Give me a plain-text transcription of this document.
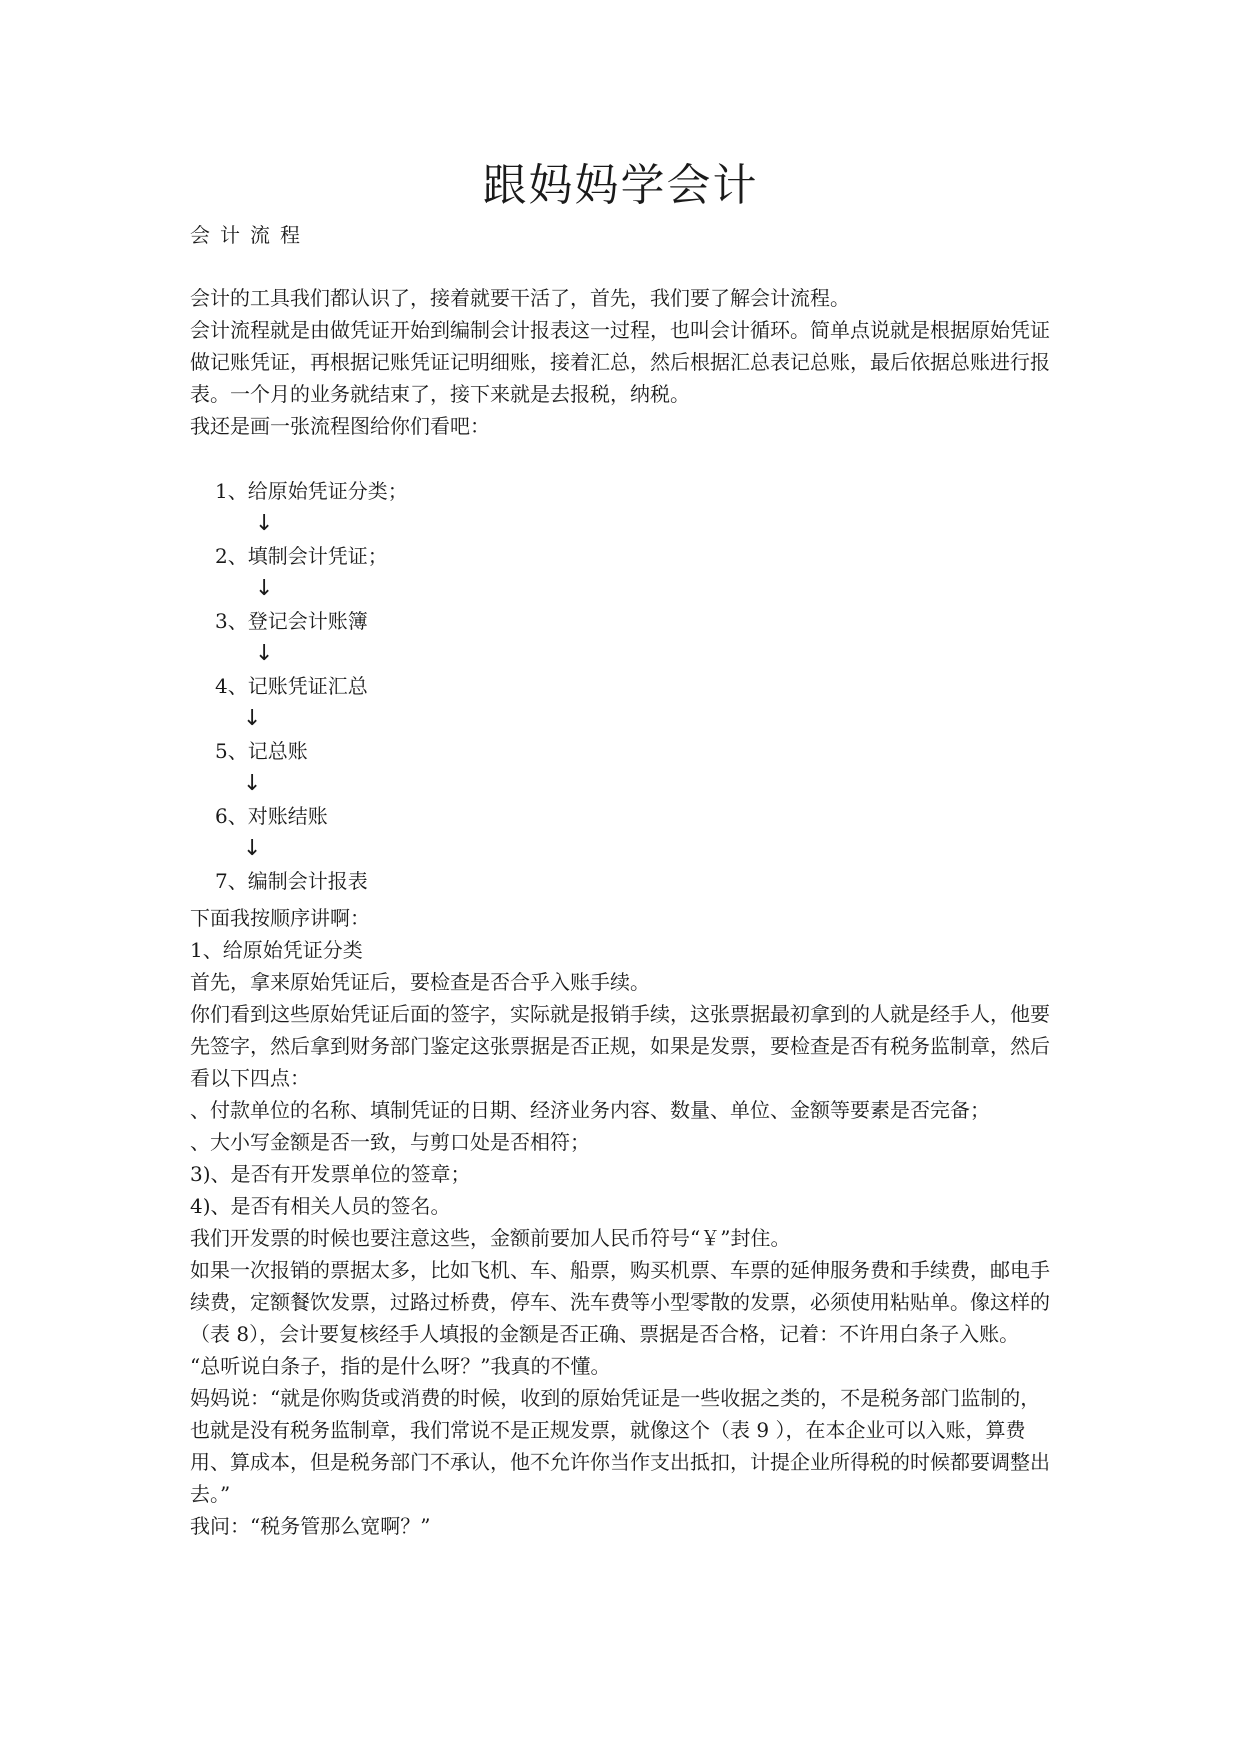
跟妈妈学会计
会计流程

会计的工具我们都认识了，接着就要干活了，首先，我们要了解会计流程。

会计流程就是由做凭证开始到编制会计报表这一过程，也叫会计循环。简单点说就是根据原始凭证做记账凭证，再根据记账凭证记明细账，接着汇总，然后根据汇总表记总账，最后依据总账进行报表。一个月的业务就结束了，接下来就是去报税，纳税。

我还是画一张流程图给你们看吧：

1、给原始凭证分类；
↓
2、填制会计凭证；
↓
3、登记会计账簿
↓
4、记账凭证汇总
↓
5、记总账
↓
6、对账结账
↓
7、编制会计报表

下面我按顺序讲啊：

1、给原始凭证分类

首先，拿来原始凭证后，要检查是否合乎入账手续。

你们看到这些原始凭证后面的签字，实际就是报销手续，这张票据最初拿到的人就是经手人，他要先签字，然后拿到财务部门鉴定这张票据是否正规，如果是发票，要检查是否有税务监制章，然后看以下四点：

、付款单位的名称、填制凭证的日期、经济业务内容、数量、单位、金额等要素是否完备；

、大小写金额是否一致，与剪口处是否相符；

3)、是否有开发票单位的签章；

4)、是否有相关人员的签名。

我们开发票的时候也要注意这些，金额前要加人民币符号“￥”封住。

如果一次报销的票据太多，比如飞机、车、船票，购买机票、车票的延伸服务费和手续费，邮电手续费，定额餐饮发票，过路过桥费，停车、洗车费等小型零散的发票，必须使用粘贴单。像这样的（表 8），会计要复核经手人填报的金额是否正确、票据是否合格，记着：不许用白条子入账。

“总听说白条子，指的是什么呀？”我真的不懂。

妈妈说：“就是你购货或消费的时候，收到的原始凭证是一些收据之类的，不是税务部门监制的，也就是没有税务监制章，我们常说不是正规发票，就像这个（表 9 ），在本企业可以入账，算费用、算成本，但是税务部门不承认，他不允许你当作支出抵扣，计提企业所得税的时候都要调整出去。”

我问：“税务管那么宽啊？”
